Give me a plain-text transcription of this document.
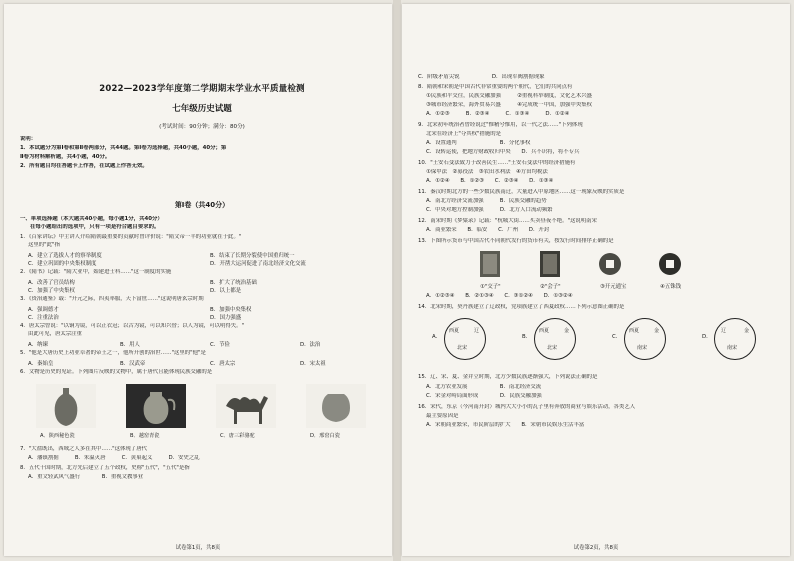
2022—2023学年度第二学期期末学业水平质量检测
七年级历史试题
(考试时间：90分钟；满分：80分)
说明：
1．本试题分为第Ⅰ卷和第Ⅱ卷两部分，共44题。第Ⅰ卷为选择题，共40小题，40分；第
Ⅱ卷为材料解析题，共4小题，40分。
2．所有题目均在答题卡上作答，在试题上作答无效。
第Ⅰ卷（共40分）
一、单项选择题（本大题共40小题，每小题1分，共40分）
在每小题给出的选项中，只有一项是符合题目要求的。
1．《百家讲坛》中主讲人介绍隋朝最重要的贡献时曾评价说："隋文帝一半的功业就在于此。"
这里的"此"指
A．建立了选拔人才的察举制度	B．结束了长期分裂使中国重归统一
C．建立巩固的中央集权制度	D．开凿大运河促进了南北经济文化交流
2．《隋书》记载："隋大业中，始建进士科……"这一制度的实施
A．改善了官员结构	B．扩大了统治基础
C．加强了中央集权	D．以上都是
3．《资治通鉴》载："开元之际，四夷率服，天下富庶……"这说明唐玄宗时期
A．强调德才	B．加强中央集权
C．注重法治	D．国力强盛
4．唐太宗曾说："以铜为镜，可以正衣冠；以古为镜，可以知兴替；以人为镜，可以明得失。"
由此可见，唐太宗注重
A．纳谏	B．用人	C．节俭	D．法治
5．"他是大唐历史上功业卓著的帝王之一，他所开创的治世……"这里的"他"是
A．秦始皇	B．汉武帝	C．唐太宗	D．宋太祖
6．文物是历史的见证。下列图片反映的文物中，属于唐代且能体现民族交融的是
A．陕西秘色瓷	B．越窑青瓷	C．唐三彩骆驼	D．邢窑白瓷
7．"大盐既出，西域之人多在其中……"这体现了唐代
A．藩镇割据　　　B．朱温灭唐　　　C．黄巢起义　　　D．安史之乱
8．五代十国时期，北方先后建立了五个政权，史称"五代"，"五代"是指
A．重文轻武风气盛行　　　　B．重视文教事业
试卷第1页，共8页
C．阶级矛盾尖锐　　　　　　D．出现军阀割据现象
8．隋朝和宋朝是中国古代非常重要的两个朝代，它们的共同点有
①民族和平交往，民族交融加强　　　②重视科举制度，文化艺术兴盛
③城市经济繁荣，海外贸易兴盛　　　④完成统一中国，加强中央集权
A．①②③　　　B．②③④　　　C．①③④　　　D．①②④
9．北宋初年统治者曾经说过"惟精兮惟用，以一代之法……"下列体现
北宋在经济上"夺其权"措施的是
A．设置通判　　　　　　　　B．分化事权
C．设转运使，把地方财政收归中央　　D．兵不识将，将不专兵
10．"王安石变法致力于改善民生……"王安石变法中的经济措施有
①保甲法　②募役法　③农田水利法　④方田均税法
A．①②④　　B．①②③　　C．②③④　　D．①③④
11．秦汉时期北方的一些少数民族南迁，大量进入中原地区……这一现象反映的实质是
A．南北方经济交流加强　　　B．民族交融的趋势
C．中央对地方控制加强　　　D．北方人口流动频繁
12．南宋时期《梦粱录》记载："杭城大街……买卖昼夜不绝。"这说明南宋
A．商业繁荣　　B．临安　　C．广州　　D．开封
13．下图所示货币与中国古代不同朝代发行的货币有关，按发行时间排序正确的是
①"交子"	②"会子"	③开元通宝	④五铢钱
A．①②③④　　B．②①③④　　C．③①②④　　D．①③②④
14．北宋时期，契丹族建立了辽政权，党项族建立了西夏政权……下列示意图正确的是
A．
西夏	辽
北宋
B．
西夏	金
北宋
C．
西夏	金
南宋
D．
辽	金
南宋
15．辽、宋、夏、金并立时期，北方少数民族逐渐强大，下列说法正确的是
A．北方农业发展　　　　　　B．南北经济交流
C．宋金对峙局面形成　　　　D．民族交融加强
16．宋代，东京（今河南开封）城内大大小小的瓦子里有奔放的商业与娱乐活动，各类艺人
最主要原因是
A．宋朝商业繁荣，市民阶层的扩大　　B．宋朝市民娱乐生活丰富
试卷第2页，共8页
